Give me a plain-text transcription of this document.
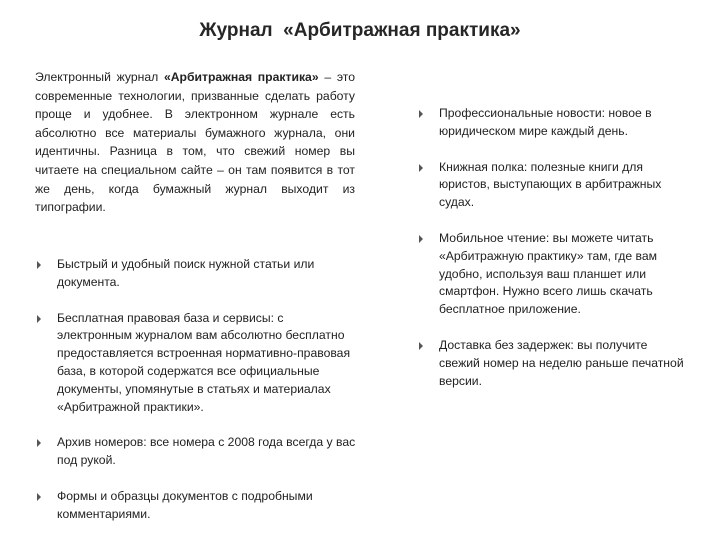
Журнал  «Арбитражная практика»
Электронный журнал «Арбитражная практика» – это современные технологии, призванные сделать работу проще и удобнее. В электронном журнале есть абсолютно все материалы бумажного журнала, они идентичны. Разница в том, что свежий номер вы читаете на специальном сайте – он там появится в тот же день, когда бумажный журнал выходит из типографии.
Быстрый и удобный поиск нужной статьи или документа.
Бесплатная правовая база и сервисы: с электронным журналом вам абсолютно бесплатно предоставляется встроенная нормативно-правовая база, в которой содержатся все официальные документы, упомянутые в статьях и материалах «Арбитражной практики».
Архив номеров: все номера с 2008 года всегда у вас под рукой.
Формы и образцы документов с подробными комментариями.
Профессиональные новости: новое в юридическом мире каждый день.
Книжная полка: полезные книги для юристов, выступающих в арбитражных судах.
Мобильное чтение: вы можете читать «Арбитражную практику» там, где вам удобно, используя ваш планшет или смартфон. Нужно всего лишь скачать бесплатное приложение.
Доставка без задержек: вы получите свежий номер на неделю раньше печатной версии.
